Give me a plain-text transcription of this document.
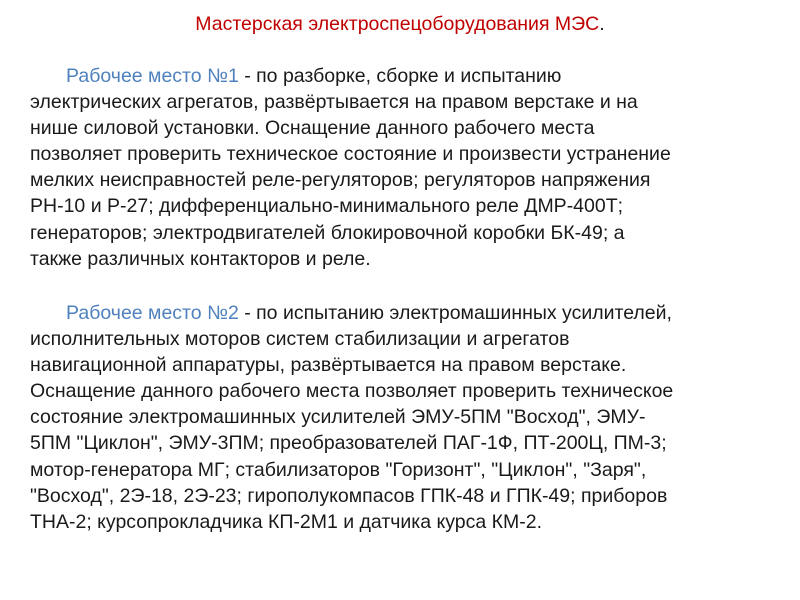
Мастерская электроспецоборудования МЭС.
Рабочее место №1 - по разборке, сборке и испытанию
электрических агрегатов, развёртывается на правом верстаке и на
нише силовой установки. Оснащение данного рабочего места
позволяет проверить техническое состояние и произвести устранение
мелких неисправностей реле-регуляторов; регуляторов напряжения
РН-10 и Р-27; дифференциально-минимального реле ДМР-400Т;
генераторов; электродвигателей блокировочной коробки БК-49; а
также различных контакторов и реле.
Рабочее место №2 - по испытанию электромашинных усилителей,
исполнительных моторов систем стабилизации и агрегатов
навигационной аппаратуры, развёртывается на правом верстаке.
Оснащение данного рабочего места позволяет проверить техническое
состояние электромашинных усилителей ЭМУ-5ПМ "Восход", ЭМУ-
5ПМ "Циклон", ЭМУ-3ПМ; преобразователей ПАГ-1Ф, ПТ-200Ц, ПМ-3;
мотор-генератора МГ; стабилизаторов "Горизонт", "Циклон", "Заря",
"Восход", 2Э-18, 2Э-23; гирополукомпасов ГПК-48 и ГПК-49; приборов
ТНА-2; курсопрокладчика КП-2М1 и датчика курса КМ-2.
